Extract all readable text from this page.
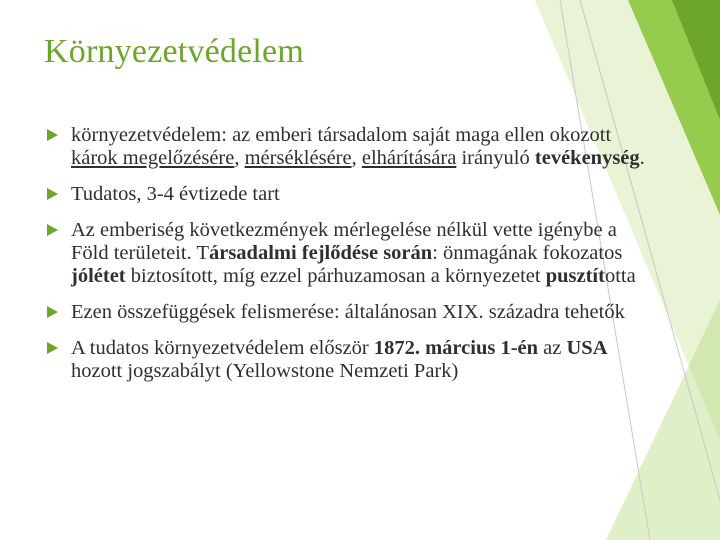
Környezetvédelem
környezetvédelem: az emberi társadalom saját maga ellen okozott károk megelőzésére, mérséklésére, elhárítására irányuló tevékenység.
Tudatos, 3-4 évtizede tart
Az emberiség következmények mérlegelése nélkül vette igénybe a Föld területeit. Társadalmi fejlődése során: önmagának fokozatos jólétet biztosított, míg ezzel párhuzamosan a környezetet pusztította
Ezen összefüggések felismerése: általánosan XIX. századra tehetők
A tudatos környezetvédelem először 1872. március 1-én az USA hozott jogszabályt (Yellowstone Nemzeti Park)
